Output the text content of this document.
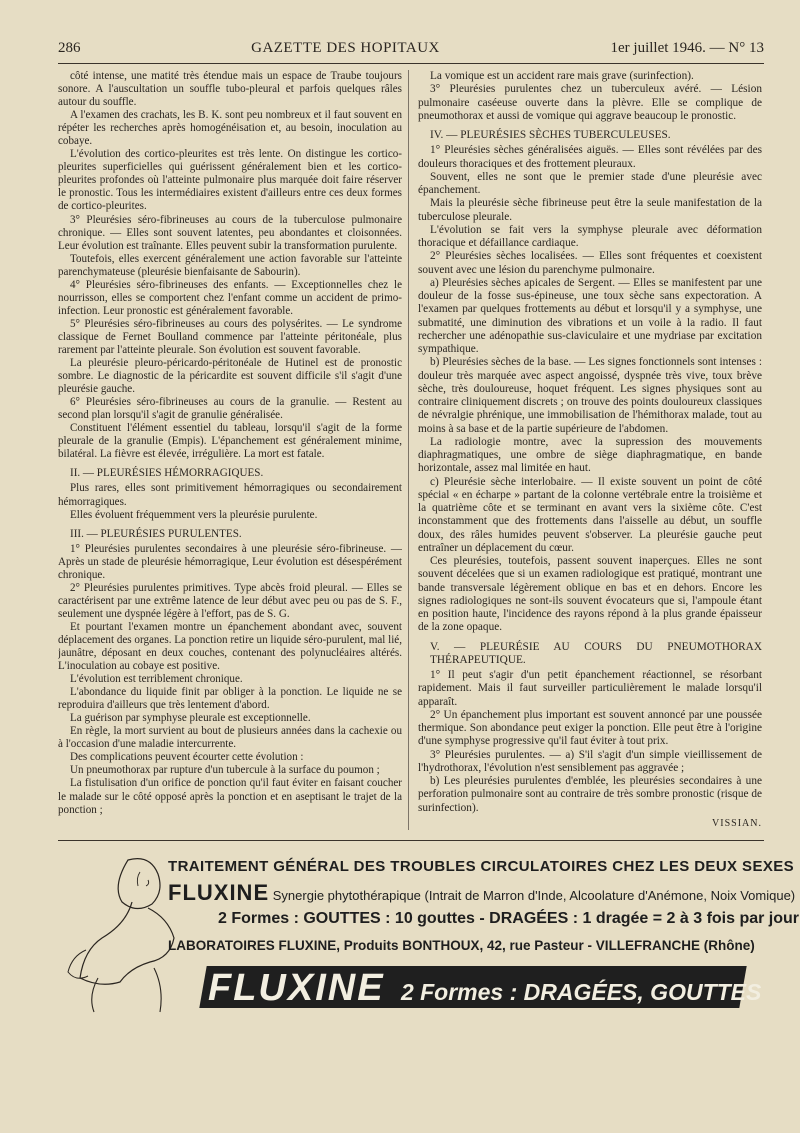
286	GAZETTE DES HOPITAUX	1er juillet 1946. — N° 13

côté intense, une matité très étendue mais un espace de Traube toujours sonore. A l'auscultation un souffle tubo-pleural et parfois quelques râles autour du souffle.

A l'examen des crachats, les B. K. sont peu nombreux et il faut souvent en répéter les recherches après homogénéisation et, au besoin, inoculation au cobaye.

L'évolution des cortico-pleurites est très lente. On distingue les cortico-pleurites superficielles qui guérissent généralement bien et les cortico-pleurites profondes où l'atteinte pulmonaire plus marquée doit faire réserver le pronostic. Tous les intermédiaires existent d'ailleurs entre ces deux formes de cortico-pleurites.

3° Pleurésies séro-fibrineuses au cours de la tuberculose pulmonaire chronique. — Elles sont souvent latentes, peu abondantes et cloisonnées. Leur évolution est traînante. Elles peuvent subir la transformation purulente.

Toutefois, elles exercent généralement une action favorable sur l'atteinte parenchymateuse (pleurésie bienfaisante de Sabourin).

4° Pleurésies séro-fibrineuses des enfants. — Exceptionnelles chez le nourrisson, elles se comportent chez l'enfant comme un accident de primo-infection. Leur pronostic est généralement favorable.

5° Pleurésies séro-fibrineuses au cours des polysérites. — Le syndrome classique de Fernet Boulland commence par l'atteinte péritonéale, plus rarement par l'atteinte pleurale. Son évolution est souvent favorable.

La pleurésie pleuro-péricardo-péritonéale de Hutinel est de pronostic sombre. Le diagnostic de la péricardite est souvent difficile s'il s'agit d'une pleurésie gauche.

6° Pleurésies séro-fibrineuses au cours de la granulie. — Restent au second plan lorsqu'il s'agit de granulie généralisée.

Constituent l'élément essentiel du tableau, lorsqu'il s'agit de la forme pleurale de la granulie (Empis). L'épanchement est généralement minime, bilatéral. La fièvre est élevée, irrégulière. La mort est fatale.

II. — PLEURÉSIES HÉMORRAGIQUES.

Plus rares, elles sont primitivement hémorragiques ou secondairement hémorragiques.

Elles évoluent fréquemment vers la pleurésie purulente.

III. — PLEURÉSIES PURULENTES.

1° Pleurésies purulentes secondaires à une pleurésie séro-fibrineuse. — Après un stade de pleurésie hémorragique, Leur évolution est désespérément chronique.

2° Pleurésies purulentes primitives. Type abcès froid pleural. — Elles se caractérisent par une extrême latence de leur début avec peu ou pas de S. F., seulement une dyspnée légère à l'effort, pas de S. G.

Et pourtant l'examen montre un épanchement abondant avec, souvent déplacement des organes. La ponction retire un liquide séro-purulent, mal lié, jaunâtre, déposant en deux couches, contenant des polynucléaires altérés. L'inoculation au cobaye est positive.

L'évolution est terriblement chronique.

L'abondance du liquide finit par obliger à la ponction. Le liquide ne se reproduira d'ailleurs que très lentement d'abord.

La guérison par symphyse pleurale est exceptionnelle.

En règle, la mort survient au bout de plusieurs années dans la cachexie ou à l'occasion d'une maladie intercurrente.

Des complications peuvent écourter cette évolution :

Un pneumothorax par rupture d'un tubercule à la surface du poumon ;

La fistulisation d'un orifice de ponction qu'il faut éviter en faisant coucher le malade sur le côté opposé après la ponction et en aseptisant le trajet de la ponction ;

La vomique est un accident rare mais grave (surinfection).

3° Pleurésies purulentes chez un tuberculeux avéré. — Lésion pulmonaire caséeuse ouverte dans la plèvre. Elle se complique de pneumothorax et aussi de vomique qui aggrave beaucoup le pronostic.

IV. — PLEURÉSIES SÈCHES TUBERCULEUSES.

1° Pleurésies sèches généralisées aiguës. — Elles sont révélées par des douleurs thoraciques et des frottement pleuraux.

Souvent, elles ne sont que le premier stade d'une pleurésie avec épanchement.

Mais la pleurésie sèche fibrineuse peut être la seule manifestation de la tuberculose pleurale.

L'évolution se fait vers la symphyse pleurale avec déformation thoracique et défaillance cardiaque.

2° Pleurésies sèches localisées. — Elles sont fréquentes et coexistent souvent avec une lésion du parenchyme pulmonaire.

a) Pleurésies sèches apicales de Sergent. — Elles se manifestent par une douleur de la fosse sus-épineuse, une toux sèche sans expectoration. A l'examen par quelques frottements au début et lorsqu'il y a symphyse, une submatité, une diminution des vibrations et un voile à la radio. Il faut rechercher une adénopathie sus-claviculaire et une mydriase par excitation sympathique.

b) Pleurésies sèches de la base. — Les signes fonctionnels sont intenses : douleur très marquée avec aspect angoissé, dyspnée très vive, toux brève sèche, très douloureuse, hoquet fréquent. Les signes physiques sont au contraire cliniquement discrets ; on trouve des points douloureux classiques de névralgie phrénique, une immobilisation de l'hémithorax malade, tout au moins à sa base et de la partie supérieure de l'abdomen.

La radiologie montre, avec la supression des mouvements diaphragmatiques, une ombre de siège diaphragmatique, en bande horizontale, assez mal limitée en haut.

c) Pleurésie sèche interlobaire. — Il existe souvent un point de côté spécial « en écharpe » partant de la colonne vertébrale entre la troisième et la quatrième côte et se terminant en avant vers la sixième côte. C'est inconstamment que des frottements dans l'aisselle au début, un souffle doux, des râles humides peuvent s'observer. La pleurésie gauche peut entraîner un déplacement du cœur.

Ces pleurésies, toutefois, passent souvent inaperçues. Elles ne sont souvent décelées que si un examen radiologique est pratiqué, montrant une bande transversale légèrement oblique en bas et en dehors. Encore les signes radiologiques ne sont-ils souvent évocateurs que si, l'ampoule étant en position haute, l'incidence des rayons répond à la plus grande épaisseur de la zone opaque.

V. — PLEURÉSIE AU COURS DU PNEUMOTHORAX THÉRAPEUTIQUE.

1° Il peut s'agir d'un petit épanchement réactionnel, se résorbant rapidement. Mais il faut surveiller particulièrement le malade lorsqu'il apparaît.

2° Un épanchement plus important est souvent annoncé par une poussée thermique. Son abondance peut exiger la ponction. Elle peut être à l'origine d'une symphyse progressive qu'il faut éviter à tout prix.

3° Pleurésies purulentes. — a) S'il s'agit d'un simple vieillissement de l'hydrothorax, l'évolution n'est sensiblement pas aggravée ;

b) Les pleurésies purulentes d'emblée, les pleurésies secondaires à une perforation pulmonaire sont au contraire de très sombre pronostic (risque de surinfection).

VISSIAN.
TRAITEMENT GÉNÉRAL DES TROUBLES CIRCULATOIRES CHEZ LES DEUX SEXES
FLUXINE Synergie phytothérapique (Intrait de Marron d'Inde, Alcoolature d'Anémone, Noix Vomique)
2 Formes : GOUTTES : 10 gouttes - DRAGÉES : 1 dragée = 2 à 3 fois par jour
LABORATOIRES FLUXINE, Produits BONTHOUX, 42, rue Pasteur - VILLEFRANCHE (Rhône)
FLUXINE 2 Formes : DRAGÉES, GOUTTES
